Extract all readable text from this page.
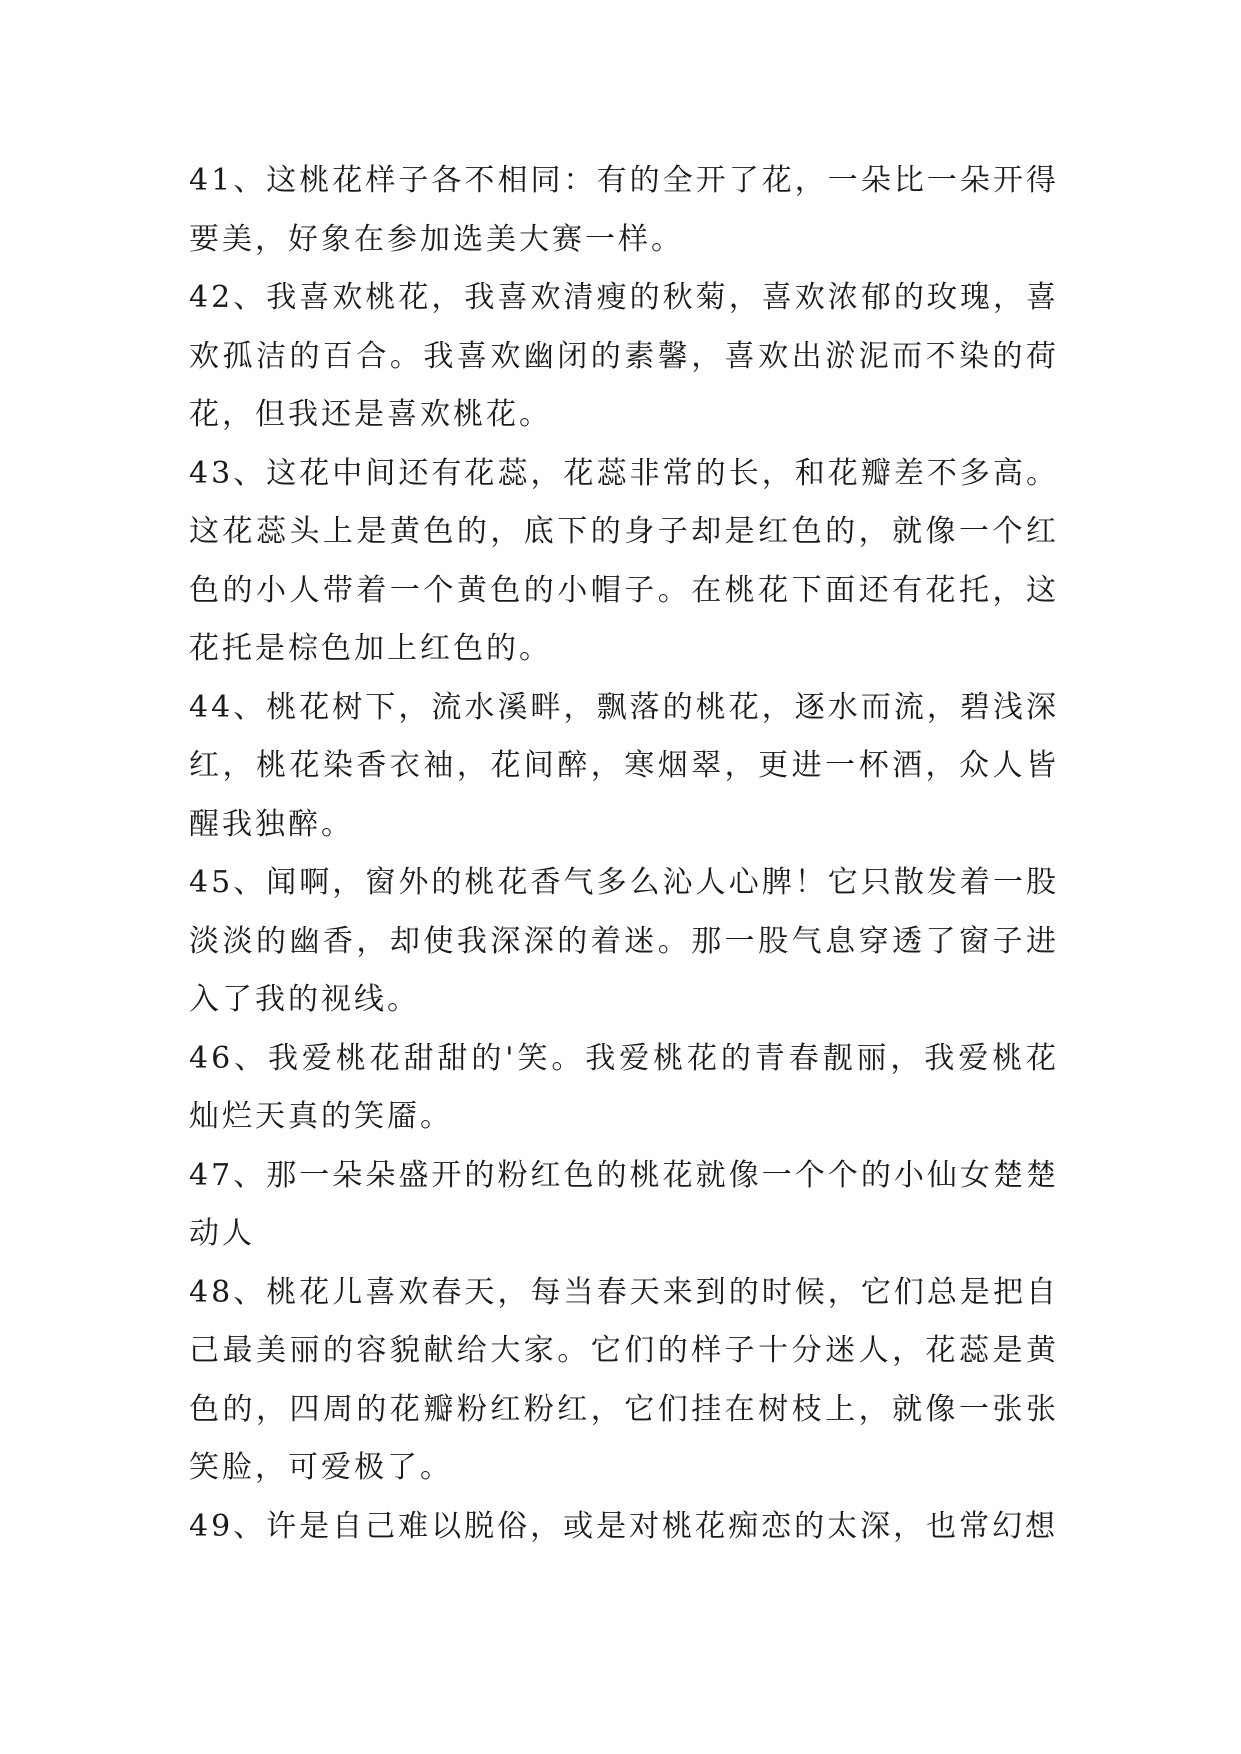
41、这桃花样子各不相同：有的全开了花，一朵比一朵开得要美，好象在参加选美大赛一样。

42、我喜欢桃花，我喜欢清瘦的秋菊，喜欢浓郁的玫瑰，喜欢孤洁的百合。我喜欢幽闭的素馨，喜欢出淤泥而不染的荷花，但我还是喜欢桃花。

43、这花中间还有花蕊，花蕊非常的长，和花瓣差不多高。这花蕊头上是黄色的，底下的身子却是红色的，就像一个红色的小人带着一个黄色的小帽子。在桃花下面还有花托，这花托是棕色加上红色的。

44、桃花树下，流水溪畔，飘落的桃花，逐水而流，碧浅深红，桃花染香衣袖，花间醉，寒烟翠，更进一杯酒，众人皆醒我独醉。

45、闻啊，窗外的桃花香气多么沁人心脾！它只散发着一股淡淡的幽香，却使我深深的着迷。那一股气息穿透了窗子进入了我的视线。

46、我爱桃花甜甜的'笑。我爱桃花的青春靓丽，我爱桃花灿烂天真的笑靥。

47、那一朵朵盛开的粉红色的桃花就像一个个的小仙女楚楚动人

48、桃花儿喜欢春天，每当春天来到的时候，它们总是把自己最美丽的容貌献给大家。它们的样子十分迷人，花蕊是黄色的，四周的花瓣粉红粉红，它们挂在树枝上，就像一张张笑脸，可爱极了。

49、许是自己难以脱俗，或是对桃花痴恋的太深，也常幻想
